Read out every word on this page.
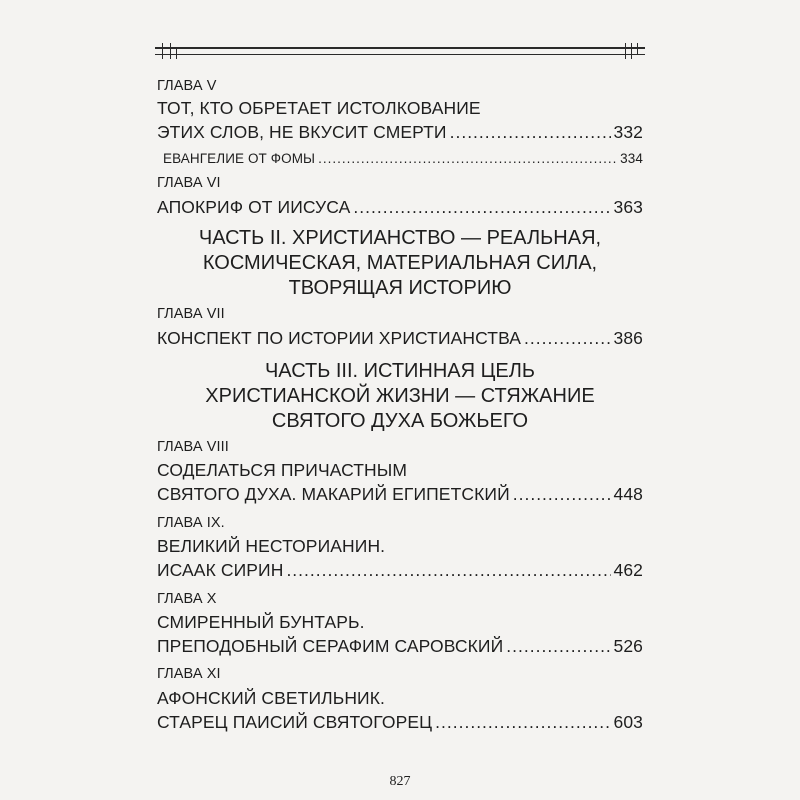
ГЛАВА V
ТОТ, КТО ОБРЕТАЕТ ИСТОЛКОВАНИЕ
ЭТИХ СЛОВ, НЕ ВКУСИТ СМЕРТИ .....	332
ЕВАНГЕЛИЕ ОТ ФОМЫ .....	334
ГЛАВА VI
АПОКРИФ ОТ ИИСУСА .....	363
ЧАСТЬ II. ХРИСТИАНСТВО — РЕАЛЬНАЯ,
КОСМИЧЕСКАЯ, МАТЕРИАЛЬНАЯ СИЛА,
ТВОРЯЩАЯ ИСТОРИЮ
ГЛАВА VII
КОНСПЕКТ ПО ИСТОРИИ ХРИСТИАНСТВА .....	386
ЧАСТЬ III. ИСТИННАЯ ЦЕЛЬ
ХРИСТИАНСКОЙ ЖИЗНИ — СТЯЖАНИЕ
СВЯТОГО ДУХА БОЖЬЕГО
ГЛАВА VIII
СОДЕЛАТЬСЯ ПРИЧАСТНЫМ
СВЯТОГО ДУХА. МАКАРИЙ ЕГИПЕТСКИЙ .....	448
ГЛАВА IX.
ВЕЛИКИЙ НЕСТОРИАНИН.
ИСААК СИРИН .....	462
ГЛАВА X
СМИРЕННЫЙ БУНТАРЬ.
ПРЕПОДОБНЫЙ СЕРАФИМ САРОВСКИЙ .....	526
ГЛАВА XI
АФОНСКИЙ СВЕТИЛЬНИК.
СТАРЕЦ ПАИСИЙ СВЯТОГОРЕЦ .....	603
827
